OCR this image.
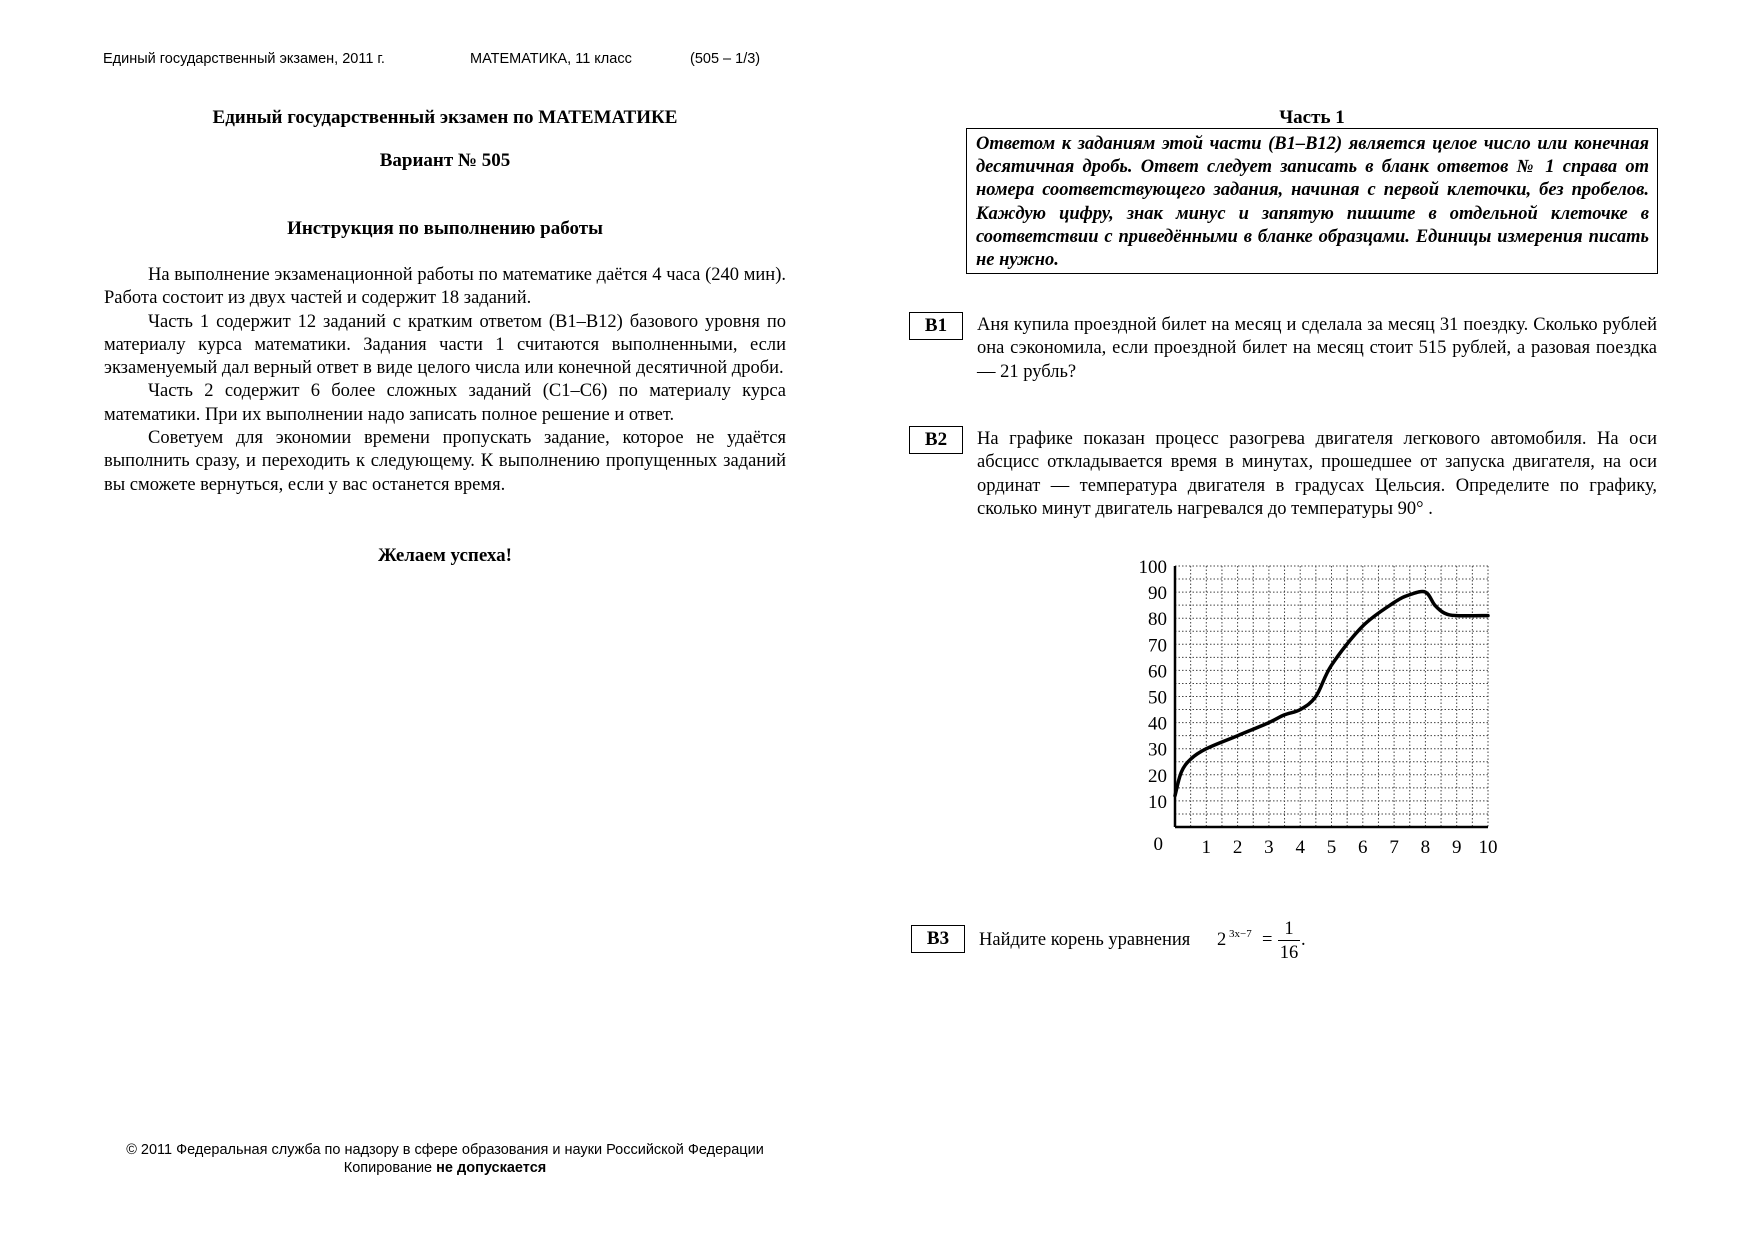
Единый государственный экзамен, 2011 г.	МАТЕМАТИКА, 11 класс	(505 – 1/3)
Единый государственный экзамен по МАТЕМАТИКЕ
Вариант № 505
Инструкция по выполнению работы

На выполнение экзаменационной работы по математике даётся 4 часа (240 мин). Работа состоит из двух частей и содержит 18 заданий.

Часть 1 содержит 12 заданий с кратким ответом (B1–B12) базового уровня по материалу курса математики. Задания части 1 считаются выполненными, если экзаменуемый дал верный ответ в виде целого числа или конечной десятичной дроби.

Часть 2 содержит 6 более сложных заданий (C1–C6) по материалу курса математики. При их выполнении надо записать полное решение и ответ.

Советуем для экономии времени пропускать задание, которое не удаётся выполнить сразу, и переходить к следующему. К выполнению пропущенных заданий вы сможете вернуться, если у вас останется время.

Желаем успеха!
© 2011 Федеральная служба по надзору в сфере образования и науки Российской Федерации
Копирование не допускается
Часть 1
Ответом к заданиям этой части (B1–B12) является целое число или конечная десятичная дробь. Ответ следует записать в бланк ответов № 1 справа от номера соответствующего задания, начиная с первой клеточки, без пробелов. Каждую цифру, знак минус и запятую пишите в отдельной клеточке в соответствии с приведёнными в бланке образцами. Единицы измерения писать не нужно.
B1	Аня купила проездной билет на месяц и сделала за месяц 31 поездку. Сколько рублей она сэкономила, если проездной билет на месяц стоит 515 рублей, а разовая поездка — 21 рубль?
B2	На графике показан процесс разогрева двигателя легкового автомобиля. На оси абсцисс откладывается время в минутах, прошедшее от запуска двигателя, на оси ординат — температура двигателя в градусах Цельсия. Определите по графику, сколько минут двигатель нагревался до температуры 90° .
1 2 3 4 5 6 7 8 9 10
10
20
30
40
50
60
70
80
90
100
0
B3	Найдите корень уравнения 2 3x−7 =
1
16
.
